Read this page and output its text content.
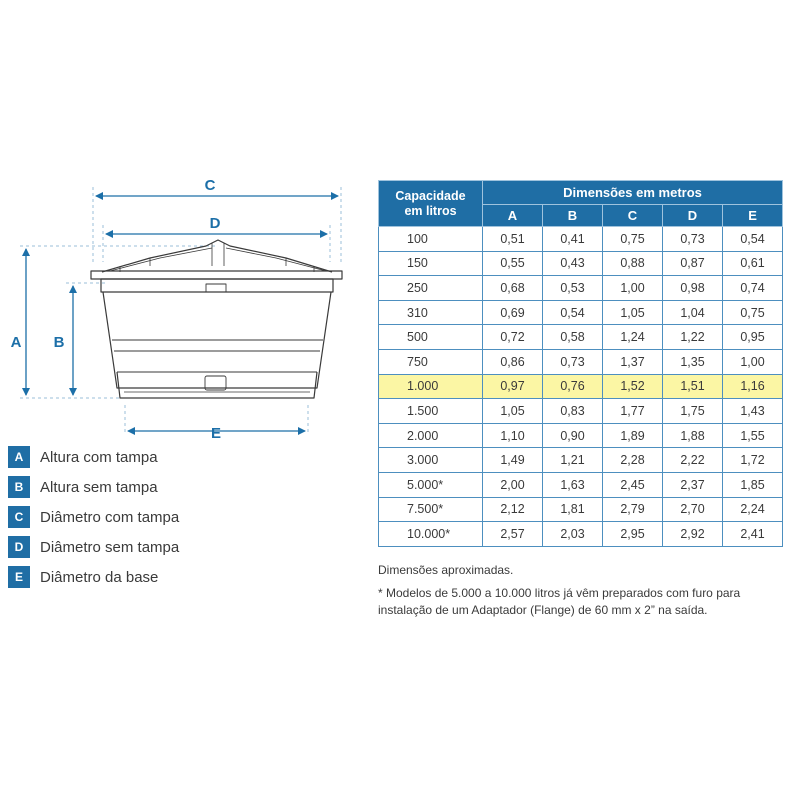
C
D
A B
E
A	Altura com tampa
B	Altura sem tampa
C	Diâmetro com tampa
D	Diâmetro sem tampa
E	Diâmetro da base
Capacidade
em litros	Dimensões em metros				
	A	B	C	D	E
100	0,51	0,41	0,75	0,73	0,54
150	0,55	0,43	0,88	0,87	0,61
250	0,68	0,53	1,00	0,98	0,74
310	0,69	0,54	1,05	1,04	0,75
500	0,72	0,58	1,24	1,22	0,95
750	0,86	0,73	1,37	1,35	1,00
1.000	0,97	0,76	1,52	1,51	1,16
1.500	1,05	0,83	1,77	1,75	1,43
2.000	1,10	0,90	1,89	1,88	1,55
3.000	1,49	1,21	2,28	2,22	1,72
5.000*	2,00	1,63	2,45	2,37	1,85
7.500*	2,12	1,81	2,79	2,70	2,24
10.000*	2,57	2,03	2,95	2,92	2,41

Dimensões aproximadas.

* Modelos de 5.000 a 10.000 litros já vêm preparados com furo para instalação de um Adaptador (Flange) de 60 mm x 2” na saída.
